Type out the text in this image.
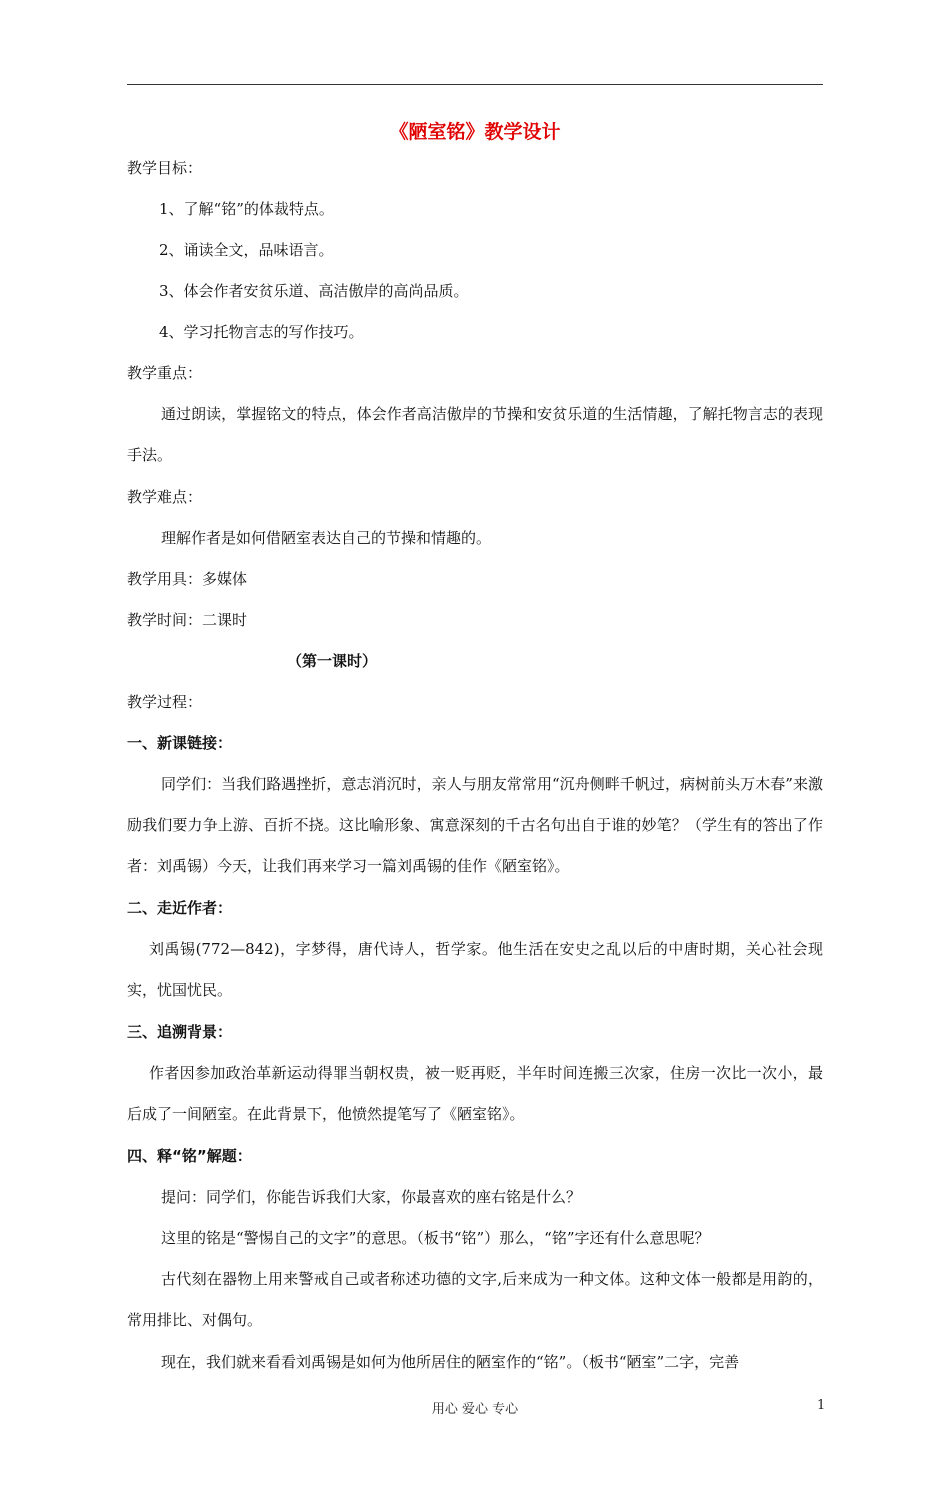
《陋室铭》教学设计

教学目标：

1、了解“铭”的体裁特点。

2、诵读全文，品味语言。

3、体会作者安贫乐道、高洁傲岸的高尚品质。

4、学习托物言志的写作技巧。

教学重点：

通过朗读，掌握铭文的特点，体会作者高洁傲岸的节操和安贫乐道的生活情趣，了解托物言志的表现手法。

教学难点：

理解作者是如何借陋室表达自己的节操和情趣的。

教学用具：多媒体

教学时间：二课时

（第一课时）

教学过程：

一、新课链接：

同学们：当我们路遇挫折，意志消沉时，亲人与朋友常常用“沉舟侧畔千帆过，病树前头万木春”来激励我们要力争上游、百折不挠。这比喻形象、寓意深刻的千古名句出自于谁的妙笔？（学生有的答出了作者：刘禹锡）今天，让我们再来学习一篇刘禹锡的佳作《陋室铭》。

二、走近作者：

刘禹锡(772—842)，字梦得，唐代诗人，哲学家。他生活在安史之乱以后的中唐时期，关心社会现实，忧国忧民。

三、追溯背景：

作者因参加政治革新运动得罪当朝权贵，被一贬再贬，半年时间连搬三次家，住房一次比一次小，最后成了一间陋室。在此背景下，他愤然提笔写了《陋室铭》。

四、释“铭”解题：

提问：同学们，你能告诉我们大家，你最喜欢的座右铭是什么？

这里的铭是“警惕自己的文字”的意思。（板书“铭”）那么，“铭”字还有什么意思呢？

古代刻在器物上用来警戒自己或者称述功德的文字,后来成为一种文体。这种文体一般都是用韵的，常用排比、对偶句。

现在，我们就来看看刘禹锡是如何为他所居住的陋室作的“铭”。（板书“陋室”二字，完善

用心 爱心 专心	1
